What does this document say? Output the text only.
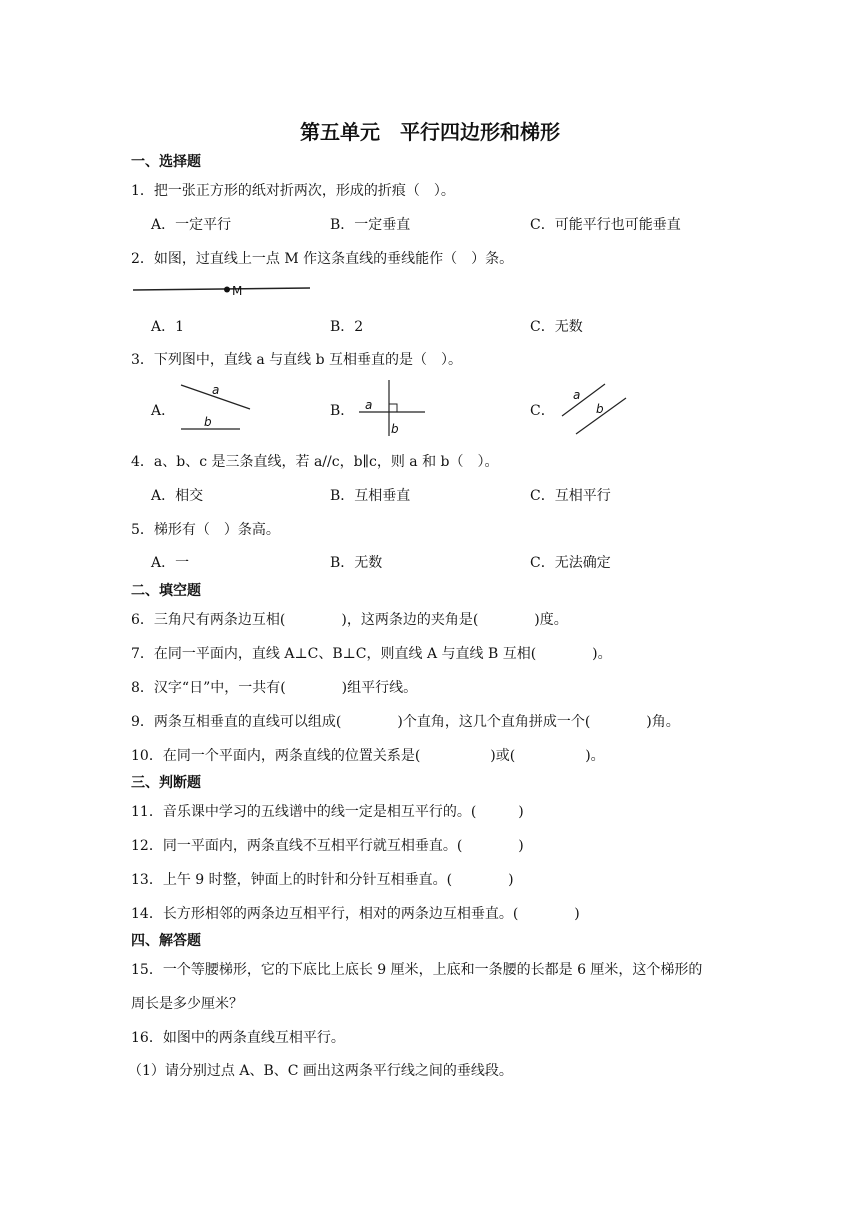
第五单元　平行四边形和梯形
一、选择题
1．把一张正方形的纸对折两次，形成的折痕（　）。
A．一定平行	B．一定垂直	C．可能平行也可能垂直
2．如图，过直线上一点 M 作这条直线的垂线能作（　）条。
M
A．1	B．2	C．无数
3．下列图中，直线 a 与直线 b 互相垂直的是（　）。
A．
a
b
B． a
b
C．
a
b
4．a、b、c 是三条直线，若 a//c，b∥c，则 a 和 b（　）。
A．相交	B．互相垂直	C．互相平行
5．梯形有（　）条高。
A．一	B．无数	C．无法确定
二、填空题
6．三角尺有两条边互相(　　　　)，这两条边的夹角是(　　　　)度。
7．在同一平面内，直线 A⊥C、B⊥C，则直线 A 与直线 B 互相(　　　　)。
8．汉字“日”中，一共有(　　　　)组平行线。
9．两条互相垂直的直线可以组成(　　　　)个直角，这几个直角拼成一个(　　　　)角。
10．在同一个平面内，两条直线的位置关系是(　　　　　)或(　　　　　)。
三、判断题
11．音乐课中学习的五线谱中的线一定是相互平行的。(　　　)
12．同一平面内，两条直线不互相平行就互相垂直。(　　　　)
13．上午 9 时整，钟面上的时针和分针互相垂直。(　　　　)
14．长方形相邻的两条边互相平行，相对的两条边互相垂直。(　　　　)
四、解答题
15．一个等腰梯形，它的下底比上底长 9 厘米，上底和一条腰的长都是 6 厘米，这个梯形的
周长是多少厘米？
16．如图中的两条直线互相平行。
（1）请分别过点 A、B、C 画出这两条平行线之间的垂线段。
